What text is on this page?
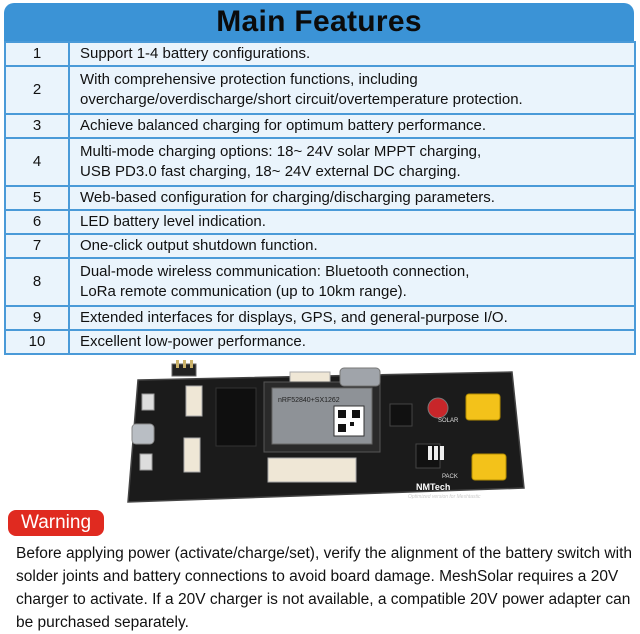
Main Features
1	Support 1-4 battery configurations.
2	With comprehensive protection functions, including
overcharge/overdischarge/short circuit/overtemperature protection.
3	Achieve balanced charging for optimum battery performance.
4	Multi-mode charging options: 18~ 24V solar MPPT charging,
USB PD3.0 fast charging, 18~ 24V external DC charging.
5	Web-based configuration for charging/discharging parameters.
6	LED battery level indication.
7	One-click output shutdown function.
8	Dual-mode wireless communication: Bluetooth connection,
LoRa remote communication (up to 10km range).
9	Extended interfaces for displays, GPS, and general-purpose I/O.
10	Excellent low-power performance.
nRF52840+SX1262
SOLAR
PACK
NMTech
Optimized version for Meshtastic
Warning
Before applying power (activate/charge/set), verify the alignment of the battery switch with solder joints and battery connections to avoid board damage. MeshSolar requires a 20V charger to activate. If a 20V charger is not available, a compatible 20V power adapter can be purchased separately.
